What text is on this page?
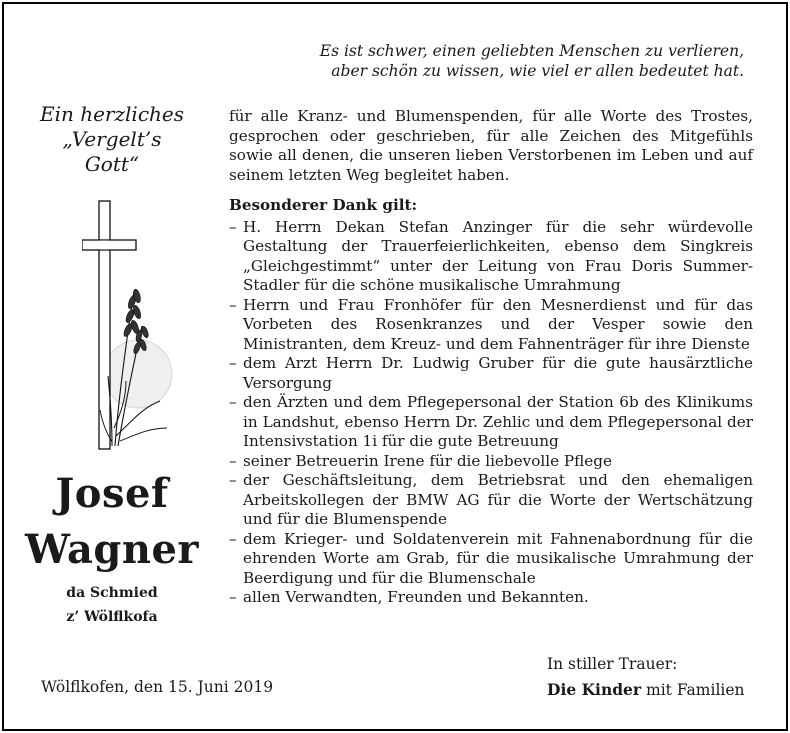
Es ist schwer, einen geliebten Menschen zu verlieren,
aber schön zu wissen, wie viel er allen bedeutet hat.
Ein herzliches
„Vergelt’s
Gott“
Josef
Wagner
da Schmied
z’ Wölflkofa

für alle Kranz- und Blumenspenden, für alle Worte des Trostes, gesprochen oder geschrieben, für alle Zeichen des Mitgefühls sowie all denen, die unseren lieben Verstorbenen im Leben und auf seinem letzten Weg begleitet haben.

Besonderer Dank gilt:

– H. Herrn Dekan Stefan Anzinger für die sehr würdevolle Gestaltung der Trauerfeierlichkeiten, ebenso dem Singkreis „Gleichgestimmt“ unter der Leitung von Frau Doris Summer-Stadler für die schöne musikalische Umrahmung
– Herrn und Frau Fronhöfer für den Mesnerdienst und für das Vorbeten des Rosenkranzes und der Vesper sowie den Ministranten, dem Kreuz- und dem Fahnenträger für ihre Dienste
– dem Arzt Herrn Dr. Ludwig Gruber für die gute hausärztliche Versorgung
– den Ärzten und dem Pflegepersonal der Station 6b des Klinikums in Landshut, ebenso Herrn Dr. Zehlic und dem Pflegepersonal der Intensivstation 1i für die gute Betreuung
– seiner Betreuerin Irene für die liebevolle Pflege
– der Geschäftsleitung, dem Betriebsrat und den ehemaligen Arbeitskollegen der BMW AG für die Worte der Wertschätzung und für die Blumenspende
– dem Krieger- und Soldatenverein mit Fahnenabordnung für die ehrenden Worte am Grab, für die musikalische Umrahmung der Beerdigung und für die Blumenschale
– allen Verwandten, Freunden und Bekannten.
Wölflkofen, den 15. Juni 2019
In stiller Trauer:
Die Kinder mit Familien
